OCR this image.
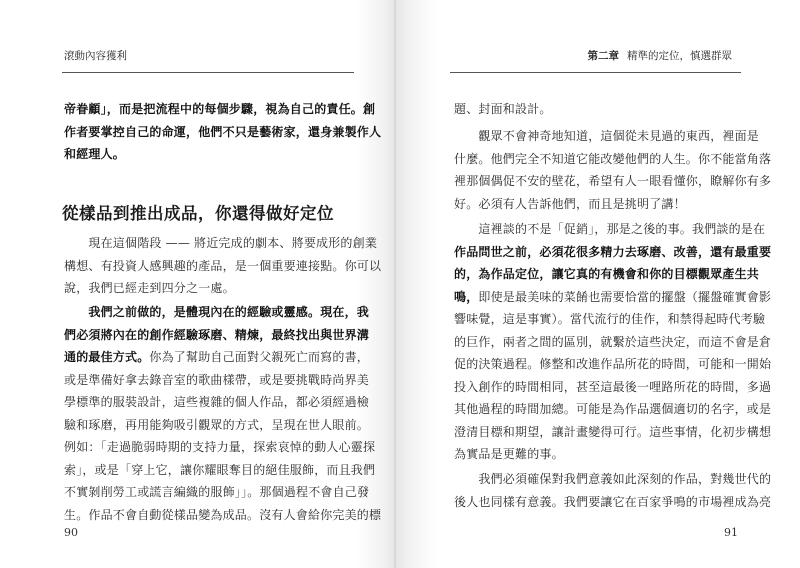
滾動內容獲利
帝眷顧」，而是把流程中的每個步驟，視為自己的責任。創
作者要掌控自己的命運，他們不只是藝術家，還身兼製作人
和經理人。
從樣品到推出成品，你還得做好定位
　　現在這個階段 —— 將近完成的劇本、將要成形的創業
構想、有投資人感興趣的產品，是一個重要連接點。你可以
說，我們已經走到四分之一處。
　　我們之前做的，是體現內在的經驗或靈感。現在，我
們必須將內在的創作經驗琢磨、精煉，最終找出與世界溝
通的最佳方式。你為了幫助自己面對父親死亡而寫的書，
或是準備好拿去錄音室的歌曲樣帶，或是要挑戰時尚界美
學標準的服裝設計，這些複雜的個人作品，都必須經過檢
驗和琢磨，再用能夠吸引觀眾的方式，呈現在世人眼前。
例如：「走過脆弱時期的支持力量，探索哀悼的動人心靈探
索」，或是「穿上它，讓你耀眼奪目的絕佳服飾，而且我們
不實剝削勞工或謊言編織的服飾」」。那個過程不會自己發
生。作品不會自動從樣品變為成品。沒有人會給你完美的標
90
第二章 精準的定位，慎選群眾
題、封面和設計。
　　觀眾不會神奇地知道，這個從未見過的東西，裡面是
什麼。他們完全不知道它能改變他們的人生。你不能當角落
裡那個偶促不安的壁花，希望有人一眼看懂你，瞭解你有多
好。必須有人告訴他們，而且是挑明了講！
　　這裡談的不是「促銷」，那是之後的事。我們談的是在
作品問世之前，必須花很多精力去琢磨、改善，還有最重要
的，為作品定位，讓它真的有機會和你的目標觀眾產生共
鳴，即使是最美味的菜餚也需要恰當的擺盤（擺盤確實會影
響味覺，這是事實）。當代流行的佳作，和禁得起時代考驗
的巨作，兩者之間的區別，就繫於這些決定，而這不會是倉
促的決策過程。修整和改進作品所花的時間，可能和一開始
投入創作的時間相同，甚至這最後一哩路所花的時間，多過
其他過程的時間加總。可能是為作品選個適切的名字，或是
澄清目標和期望，讓計畫變得可行。這些事情，化初步構想
為實品是更難的事。
　　我們必須確保對我們意義如此深刻的作品，對幾世代的
後人也同樣有意義。我們要讓它在百家爭鳴的市場裡成為亮
91
